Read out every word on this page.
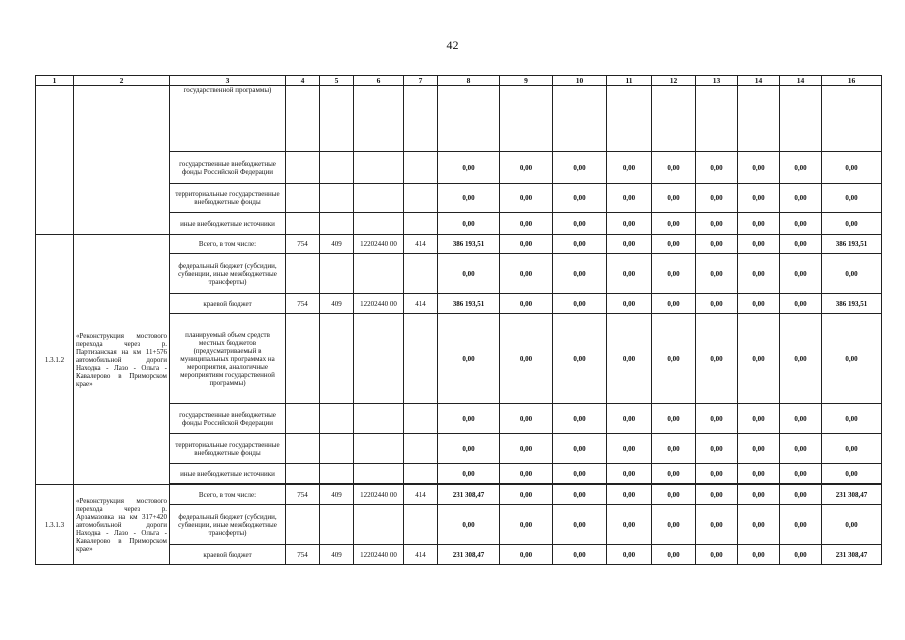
42
1	2	3	4	5	6	7	8	9	10	11	12	13	14	14	16
		государственной программы)													
		государственные внебюджетные фонды Российской Федерации					0,00	0,00	0,00	0,00	0,00	0,00	0,00	0,00	0,00
		территориальные государственные внебюджетные фонды					0,00	0,00	0,00	0,00	0,00	0,00	0,00	0,00	0,00
		иные внебюджетные источники					0,00	0,00	0,00	0,00	0,00	0,00	0,00	0,00	0,00
1.3.1.2	«Реконструкция мостового перехода через р. Партизанская на км 11+576 автомобильной дороги Находка - Лазо - Ольга - Кавалерово в Приморском крае»	Всего, в том числе:	754	409	12202440 00	414	386 193,51	0,00	0,00	0,00	0,00	0,00	0,00	0,00	386 193,51
		федеральный бюджет (субсидии, субвенции, иные межбюджетные трансферты)					0,00	0,00	0,00	0,00	0,00	0,00	0,00	0,00	0,00
		краевой бюджет	754	409	12202440 00	414	386 193,51	0,00	0,00	0,00	0,00	0,00	0,00	0,00	386 193,51
		планируемый объем средств местных бюджетов (предусматриваемый в муниципальных программах на мероприятия, аналогичные мероприятиям государственной программы)					0,00	0,00	0,00	0,00	0,00	0,00	0,00	0,00	0,00
		государственные внебюджетные фонды Российской Федерации					0,00	0,00	0,00	0,00	0,00	0,00	0,00	0,00	0,00
		территориальные государственные внебюджетные фонды					0,00	0,00	0,00	0,00	0,00	0,00	0,00	0,00	0,00
		иные внебюджетные источники					0,00	0,00	0,00	0,00	0,00	0,00	0,00	0,00	0,00

1.3.1.3	«Реконструкция мостового перехода через р. Арзамазовка на км 317+420 автомобильной дороги Находка - Лазо - Ольга - Кавалерово в Приморском крае»	Всего, в том числе:	754	409	12202440 00	414	231 308,47	0,00	0,00	0,00	0,00	0,00	0,00	0,00	231 308,47
		федеральный бюджет (субсидии, субвенции, иные межбюджетные трансферты)					0,00	0,00	0,00	0,00	0,00	0,00	0,00	0,00	0,00
		краевой бюджет	754	409	12202440 00	414	231 308,47	0,00	0,00	0,00	0,00	0,00	0,00	0,00	231 308,47
